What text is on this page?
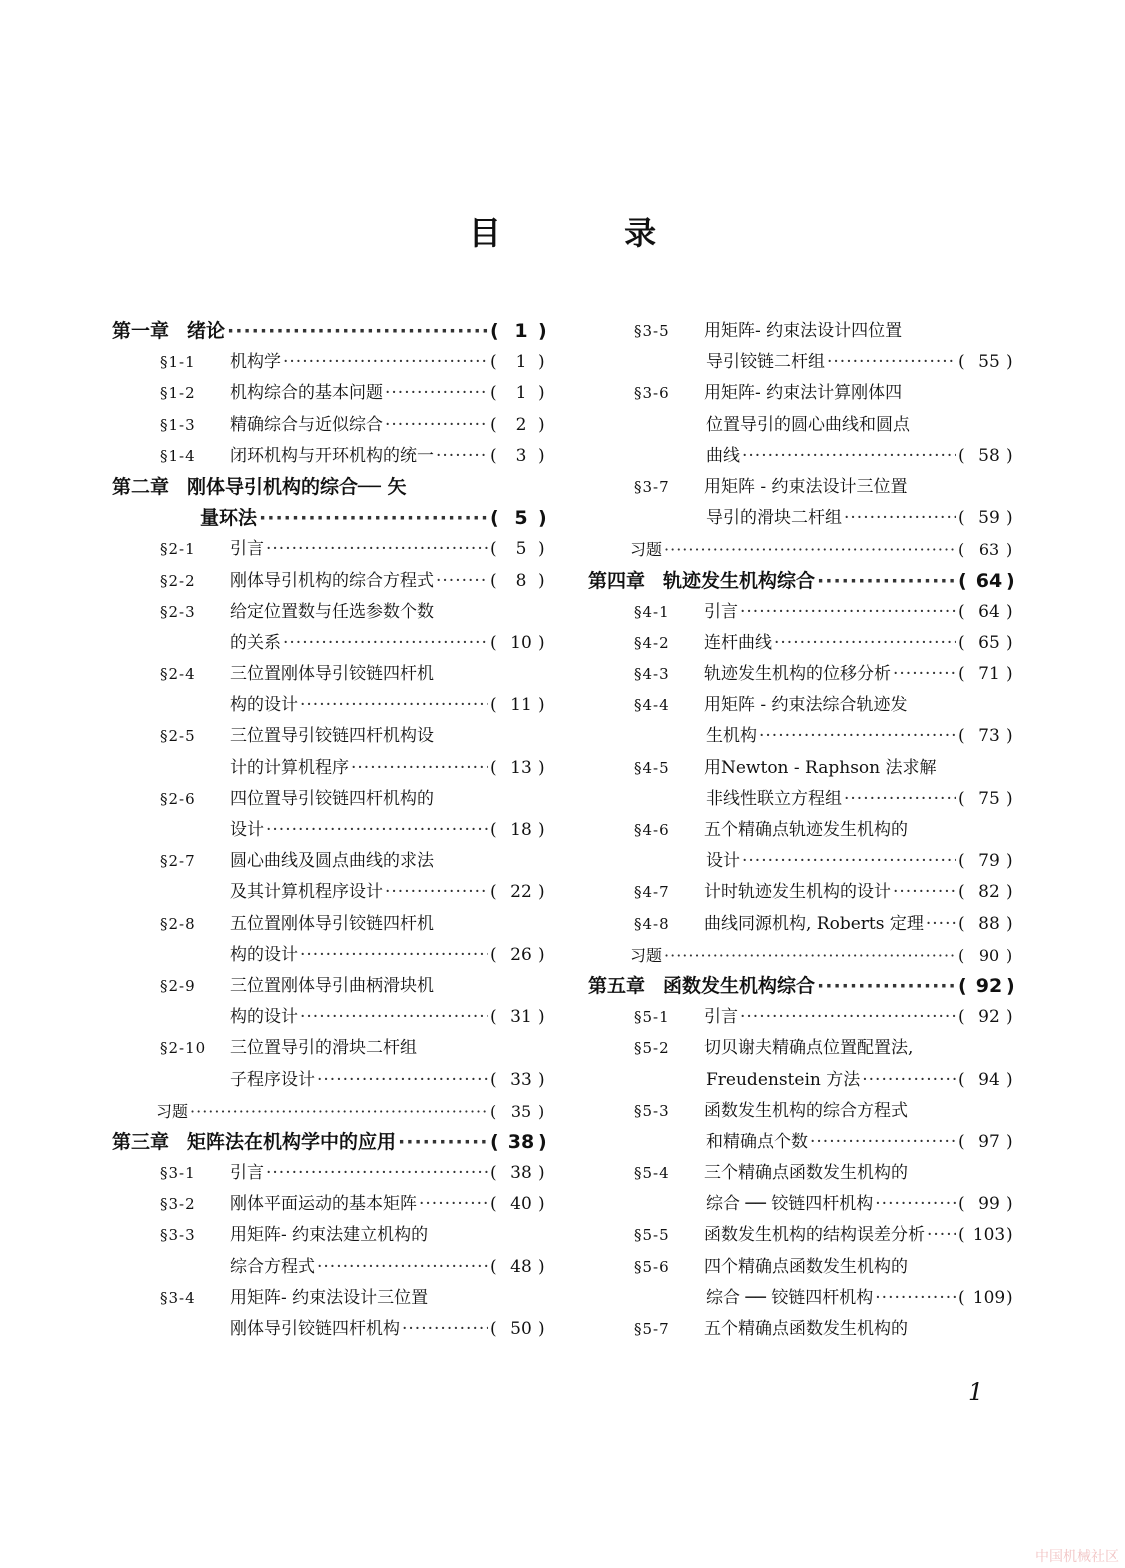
目 录
第一章 绪论 ·····	( 1 )
§1-1	机构学 ·····	( 1 )
§1-2	机构综合的基本问题 ·····	( 1 )
§1-3	精确综合与近似综合 ·····	( 2 )
§1-4	闭环机构与开环机构的统一 ·····	( 3 )
第二章 刚体导引机构的综合── 矢
量环法 ·····	( 5 )
§2-1	引言 ·····	( 5 )
§2-2	刚体导引机构的综合方程式 ·····	( 8 )
§2-3	给定位置数与任选参数个数
的关系 ·····	( 10 )
§2-4	三位置刚体导引铰链四杆机
构的设计 ·····	( 11 )
§2-5	三位置导引铰链四杆机构设
计的计算机程序 ·····	( 13 )
§2-6	四位置导引铰链四杆机构的
设计 ·····	( 18 )
§2-7	圆心曲线及圆点曲线的求法
及其计算机程序设计 ·····	( 22 )
§2-8	五位置刚体导引铰链四杆机
构的设计 ·····	( 26 )
§2-9	三位置刚体导引曲柄滑块机
构的设计 ·····	( 31 )
§2-10	三位置导引的滑块二杆组
子程序设计 ·····	( 33 )
习题 ·····	( 35 )
第三章 矩阵法在机构学中的应用 ·····	( 38 )
§3-1	引言 ·····	( 38 )
§3-2	刚体平面运动的基本矩阵 ·····	( 40 )
§3-3	用矩阵- 约束法建立机构的
综合方程式 ·····	( 48 )
§3-4	用矩阵- 约束法设计三位置
刚体导引铰链四杆机构 ·····	( 50 )
§3-5	用矩阵- 约束法设计四位置
导引铰链二杆组 ·····	( 55 )
§3-6	用矩阵- 约束法计算刚体四
位置导引的圆心曲线和圆点
曲线 ·····	( 58 )
§3-7	用矩阵 - 约束法设计三位置
导引的滑块二杆组 ·····	( 59 )
习题 ·····	( 63 )
第四章 轨迹发生机构综合 ·····	( 64 )
§4-1	引言 ·····	( 64 )
§4-2	连杆曲线 ·····	( 65 )
§4-3	轨迹发生机构的位移分析 ·····	( 71 )
§4-4	用矩阵 - 约束法综合轨迹发
生机构 ·····	( 73 )
§4-5	用Newton - Raphson 法求解
非线性联立方程组 ·····	( 75 )
§4-6	五个精确点轨迹发生机构的
设计 ·····	( 79 )
§4-7	计时轨迹发生机构的设计 ·····	( 82 )
§4-8	曲线同源机构, Roberts 定理 ····· ( 88 )
习题 ·····	( 90 )
第五章 函数发生机构综合 ·····	( 92 )
§5-1	引言 ·····	( 92 )
§5-2	切贝谢夫精确点位置配置法,
Freudenstein 方法 ·····	( 94 )
§5-3	函数发生机构的综合方程式
和精确点个数 ·····	( 97 )
§5-4	三个精确点函数发生机构的
综合 ── 铰链四杆机构 ·····	( 99 )
§5-5	函数发生机构的结构误差分析 ····· ( 103)
§5-6	四个精确点函数发生机构的
综合 ── 铰链四杆机构 ·····	( 109)
§5-7	五个精确点函数发生机构的
1
中国机械社区
